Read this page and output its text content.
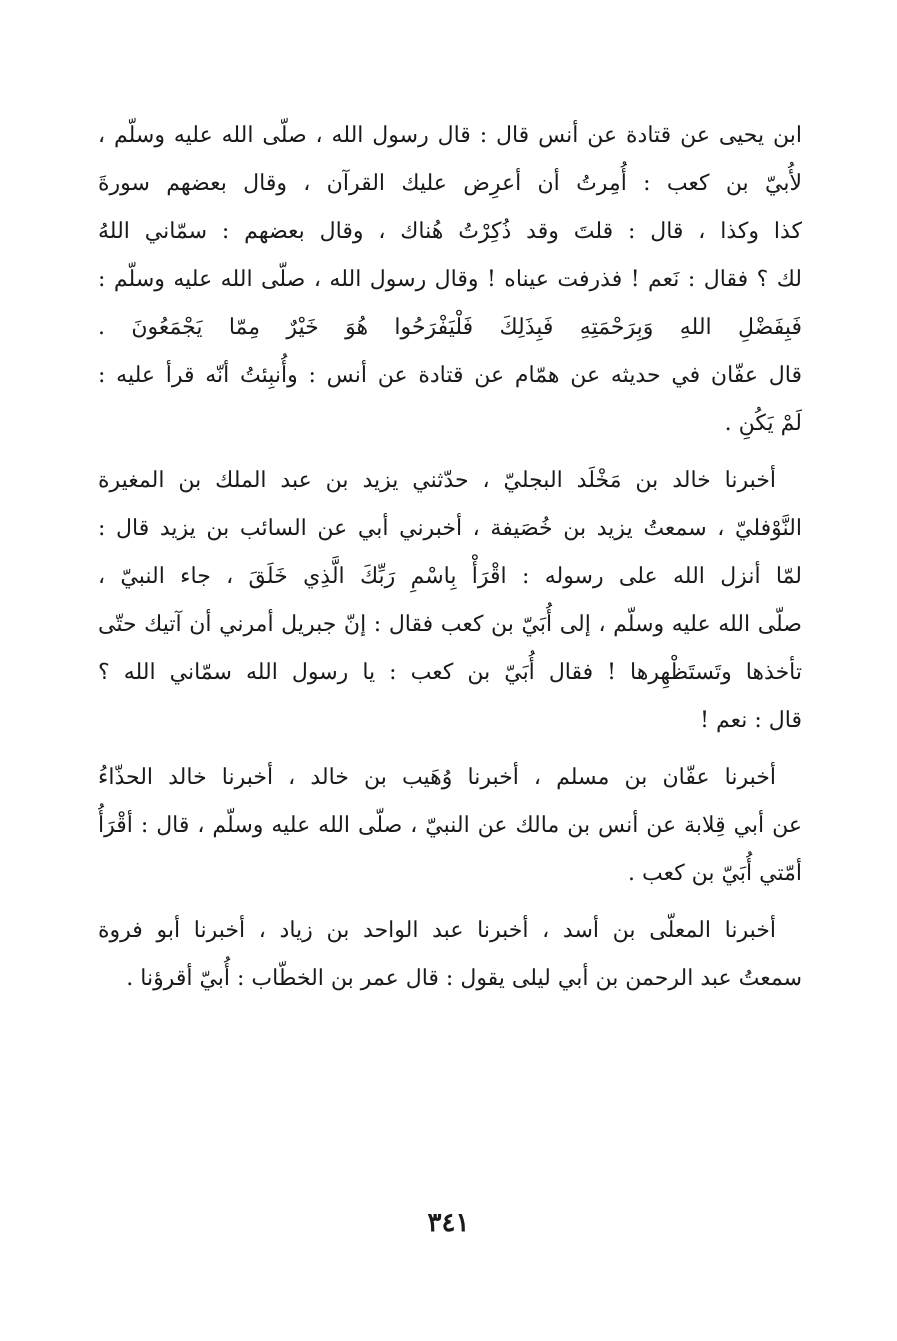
ابن يحيى عن قتادة عن أنس قال : قال رسول الله ، صلّى الله عليه وسلّم ،
لأُبيّ بن كعب : أُمِرتُ أن أعرِض عليك القرآن ، وقال بعضهم سورةَ
كذا وكذا ، قال : قلتَ وقد ذُكِرْتُ هُناك ، وقال بعضهم : سمّاني اللهُ
لك ؟ فقال : نَعم ! فذرفت عيناه ! وقال رسول الله ، صلّى الله عليه وسلّم :
فَبِفَضْلِ اللهِ وَبِرَحْمَتِهِ فَبِذَلِكَ فَلْيَفْرَحُوا هُوَ خَيْرٌ مِمّا يَجْمَعُونَ .
قال عفّان في حديثه عن همّام عن قتادة عن أنس : وأُنبِئتُ أنّه قرأ عليه :
لَمْ يَكُنِ .
أخبرنا خالد بن مَخْلَد البجليّ ، حدّثني يزيد بن عبد الملك بن المغيرة
النَّوْفليّ ، سمعتُ يزيد بن خُصَيفة ، أخبرني أبي عن السائب بن يزيد قال :
لمّا أنزل الله على رسوله : اقْرَأْ بِاسْمِ رَبِّكَ الَّذِي خَلَقَ ، جاء النبيّ ،
صلّى الله عليه وسلّم ، إلى أُبَيّ بن كعب فقال : إنّ جبريل أمرني أن آتيك حتّى
تأخذها وتَستَظْهِرها ! فقال أُبَيّ بن كعب : يا رسول الله سمّاني الله ؟
قال : نعم !
أخبرنا عفّان بن مسلم ، أخبرنا وُهَيب بن خالد ، أخبرنا خالد الحذّاءُ
عن أبي قِلابة عن أنس بن مالك عن النبيّ ، صلّى الله عليه وسلّم ، قال : أقْرَأُ
أمّتي أُبَيّ بن كعب .
أخبرنا المعلّى بن أسد ، أخبرنا عبد الواحد بن زياد ، أخبرنا أبو فروة
سمعتُ عبد الرحمن بن أبي ليلى يقول : قال عمر بن الخطّاب : أُبيّ أقرؤنا .
٣٤١
